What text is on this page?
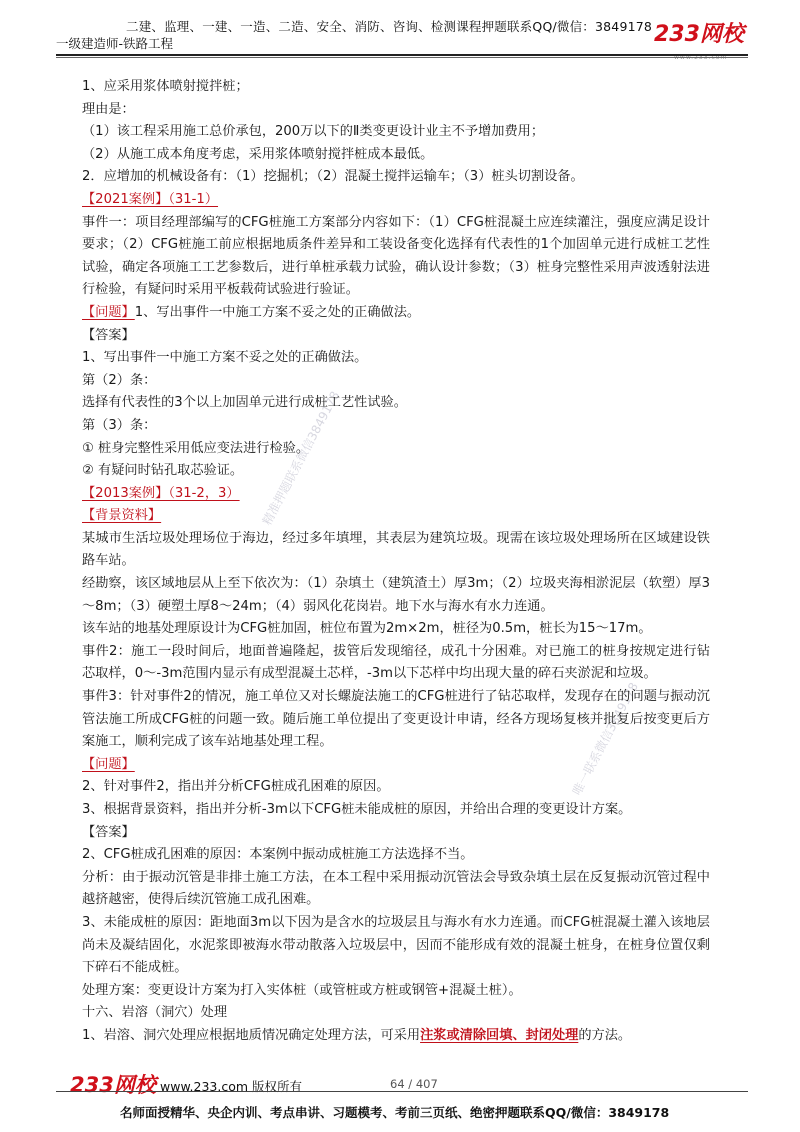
二建、监理、一建、一造、二造、安全、消防、咨询、检测课程押题联系QQ/微信：3849178
一级建造师-铁路工程	233网校
www.233.com
精准押题联系微信3849178
唯一联系微信3849178

1、应采用浆体喷射搅拌桩；

理由是：

（1）该工程采用施工总价承包，200万以下的Ⅱ类变更设计业主不予增加费用；

（2）从施工成本角度考虑，采用浆体喷射搅拌桩成本最低。

2．应增加的机械设备有：（1）挖掘机；（2）混凝土搅拌运输车；（3）桩头切割设备。

【2021案例】（31-1）

事件一：项目经理部编写的CFG桩施工方案部分内容如下：（1）CFG桩混凝土应连续灌注，强度应满足设计要求；（2）CFG桩施工前应根据地质条件差异和工装设备变化选择有代表性的1个加固单元进行成桩工艺性试验，确定各项施工工艺参数后，进行单桩承载力试验，确认设计参数；（3）桩身完整性采用声波透射法进行检验，有疑问时采用平板载荷试验进行验证。

【问题】1、写出事件一中施工方案不妥之处的正确做法。

【答案】

1、写出事件一中施工方案不妥之处的正确做法。

第（2）条：

选择有代表性的3个以上加固单元进行成桩工艺性试验。

第（3）条：

① 桩身完整性采用低应变法进行检验。

② 有疑问时钻孔取芯验证。

【2013案例】（31-2，3）

【背景资料】

某城市生活垃圾处理场位于海边，经过多年填埋，其表层为建筑垃圾。现需在该垃圾处理场所在区域建设铁路车站。

经勘察，该区域地层从上至下依次为：（1）杂填土（建筑渣土）厚3m；（2）垃圾夹海相淤泥层（软塑）厚3～8m；（3）硬塑土厚8～24m；（4）弱风化花岗岩。地下水与海水有水力连通。

该车站的地基处理原设计为CFG桩加固，桩位布置为2m×2m，桩径为0.5m，桩长为15～17m。

事件2：施工一段时间后，地面普遍隆起，拔管后发现缩径，成孔十分困难。对已施工的桩身按规定进行钻芯取样，0～-3m范围内显示有成型混凝土芯样，-3m以下芯样中均出现大量的碎石夹淤泥和垃圾。

事件3：针对事件2的情况，施工单位又对长螺旋法施工的CFG桩进行了钻芯取样，发现存在的问题与振动沉管法施工所成CFG桩的问题一致。随后施工单位提出了变更设计申请，经各方现场复核并批复后按变更后方案施工，顺利完成了该车站地基处理工程。

【问题】

2、针对事件2，指出并分析CFG桩成孔困难的原因。

3、根据背景资料，指出并分析-3m以下CFG桩未能成桩的原因，并给出合理的变更设计方案。

【答案】

2、CFG桩成孔困难的原因：本案例中振动成桩施工方法选择不当。

分析：由于振动沉管是非排土施工方法，在本工程中采用振动沉管法会导致杂填土层在反复振动沉管过程中越挤越密，使得后续沉管施工成孔困难。

3、未能成桩的原因：距地面3m以下因为是含水的垃圾层且与海水有水力连通。而CFG桩混凝土灌入该地层尚未及凝结固化，水泥浆即被海水带动散落入垃圾层中，因而不能形成有效的混凝土桩身，在桩身位置仅剩下碎石不能成桩。

处理方案：变更设计方案为打入实体桩（或管桩或方桩或钢管+混凝土桩）。

十六、岩溶（洞穴）处理

1、岩溶、洞穴处理应根据地质情况确定处理方法，可采用注浆或清除回填、封闭处理的方法。

233网校 www.233.com 版权所有	64 / 407
名师面授精华、央企内训、考点串讲、习题模考、考前三页纸、绝密押题联系QQ/微信：3849178
